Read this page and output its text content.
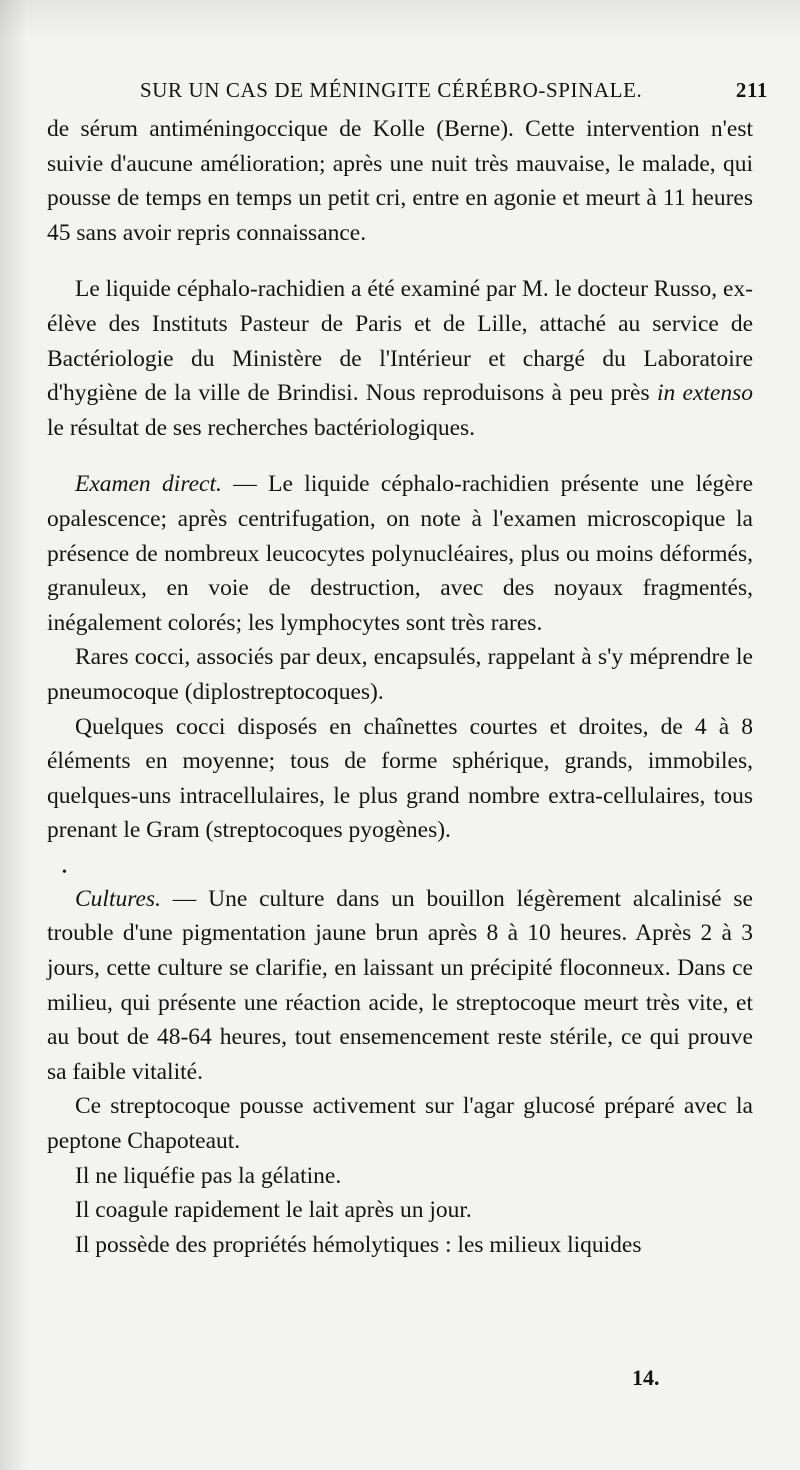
SUR UN CAS DE MÉNINGITE CÉRÉBRO-SPINALE.	211

de sérum antiméningoccique de Kolle (Berne). Cette intervention n'est suivie d'aucune amélioration; après une nuit très mauvaise, le malade, qui pousse de temps en temps un petit cri, entre en agonie et meurt à 11 heures 45 sans avoir repris connaissance.

Le liquide céphalo-rachidien a été examiné par M. le docteur Russo, ex-élève des Instituts Pasteur de Paris et de Lille, attaché au service de Bactériologie du Ministère de l'Intérieur et chargé du Laboratoire d'hygiène de la ville de Brindisi. Nous reproduisons à peu près in extenso le résultat de ses recherches bactériologiques.

Examen direct. — Le liquide céphalo-rachidien présente une légère opalescence; après centrifugation, on note à l'examen microscopique la présence de nombreux leucocytes polynucléaires, plus ou moins déformés, granuleux, en voie de destruction, avec des noyaux fragmentés, inégalement colorés; les lymphocytes sont très rares.

Rares cocci, associés par deux, encapsulés, rappelant à s'y méprendre le pneumocoque (diplostreptocoques).

Quelques cocci disposés en chaînettes courtes et droites, de 4 à 8 éléments en moyenne; tous de forme sphérique, grands, immobiles, quelques-uns intracellulaires, le plus grand nombre extra-cellulaires, tous prenant le Gram (streptocoques pyogènes).

•

Cultures. — Une culture dans un bouillon légèrement alcalinisé se trouble d'une pigmentation jaune brun après 8 à 10 heures. Après 2 à 3 jours, cette culture se clarifie, en laissant un précipité floconneux. Dans ce milieu, qui présente une réaction acide, le streptocoque meurt très vite, et au bout de 48-64 heures, tout ensemencement reste stérile, ce qui prouve sa faible vitalité.

Ce streptocoque pousse activement sur l'agar glucosé préparé avec la peptone Chapoteaut.

Il ne liquéfie pas la gélatine.

Il coagule rapidement le lait après un jour.

Il possède des propriétés hémolytiques : les milieux liquides

14.
